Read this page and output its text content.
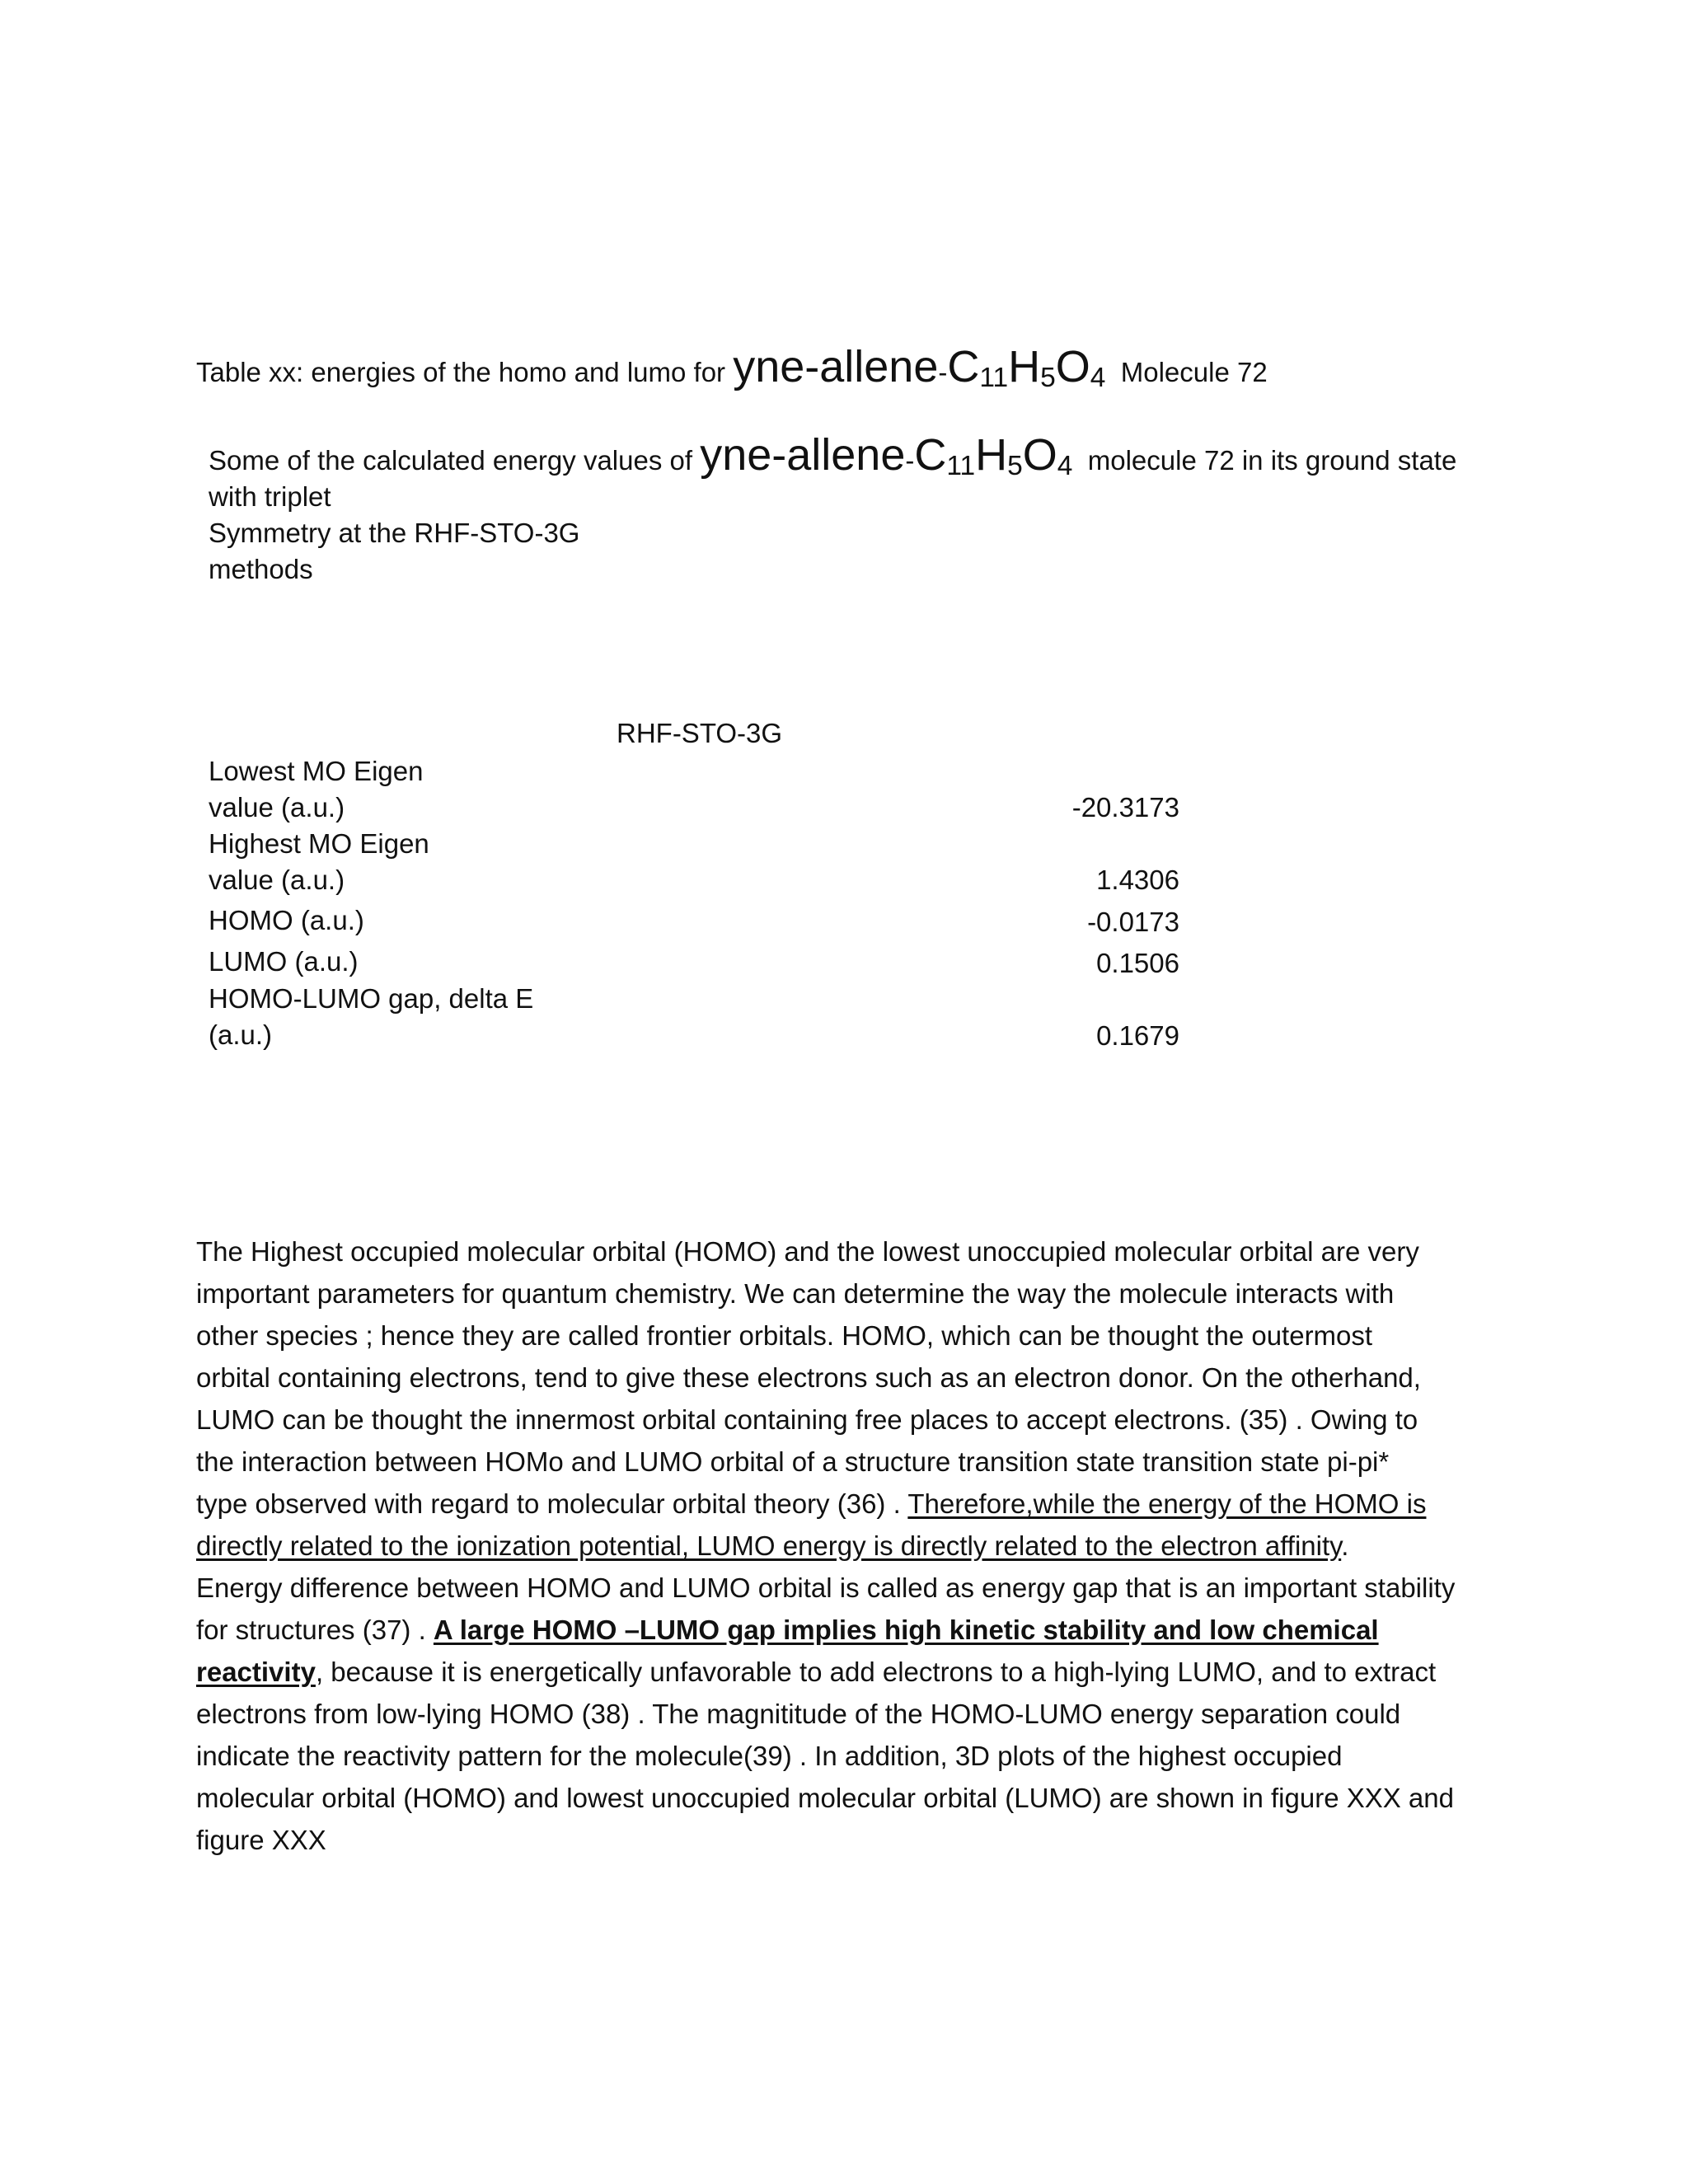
Table xx: energies of the homo and lumo for yne-$allene-C_{11}H_5O_4$ Molecule 72
Some of the calculated energy values of yne-$allene-C_{11}H_5O_4$ molecule 72 in its ground state
with triplet
Symmetry at the RHF-STO-3G
methods
RHF-STO-3G
Lowest MO Eigen
value (a.u.)	-20.3173
Highest MO Eigen
value (a.u.)	1.4306
HOMO (a.u.)	-0.0173
LUMO (a.u.)	0.1506
HOMO-LUMO gap, delta E
(a.u.)	0.1679
The Highest occupied molecular orbital (HOMO) and the lowest unoccupied molecular orbital are very
important parameters for quantum chemistry. We can determine the way the molecule interacts with
other species ; hence they are called frontier orbitals. HOMO, which can be thought the outermost
orbital containing electrons, tend to give these electrons such as an electron donor. On the otherhand,
LUMO can be thought the innermost orbital containing free places to accept electrons. (35) . Owing to
the interaction between HOMo and LUMO orbital of a structure transition state transition state pi-pi*
type observed with regard to molecular orbital theory (36) . Therefore,while the energy of the HOMO is
directly related to the ionization potential, LUMO energy is directly related to the electron affinity.
Energy difference between HOMO and LUMO orbital is called as energy gap that is an important stability
for structures (37) . A large HOMO –LUMO gap implies high kinetic stability and low chemical
reactivity, because it is energetically unfavorable to add electrons to a high-lying LUMO, and to extract
electrons from low-lying HOMO (38) . The magnititude of the HOMO-LUMO energy separation could
indicate the reactivity pattern for the molecule(39) . In addition, 3D plots of the highest occupied
molecular orbital (HOMO) and lowest unoccupied molecular orbital (LUMO) are shown in figure XXX and
figure XXX
